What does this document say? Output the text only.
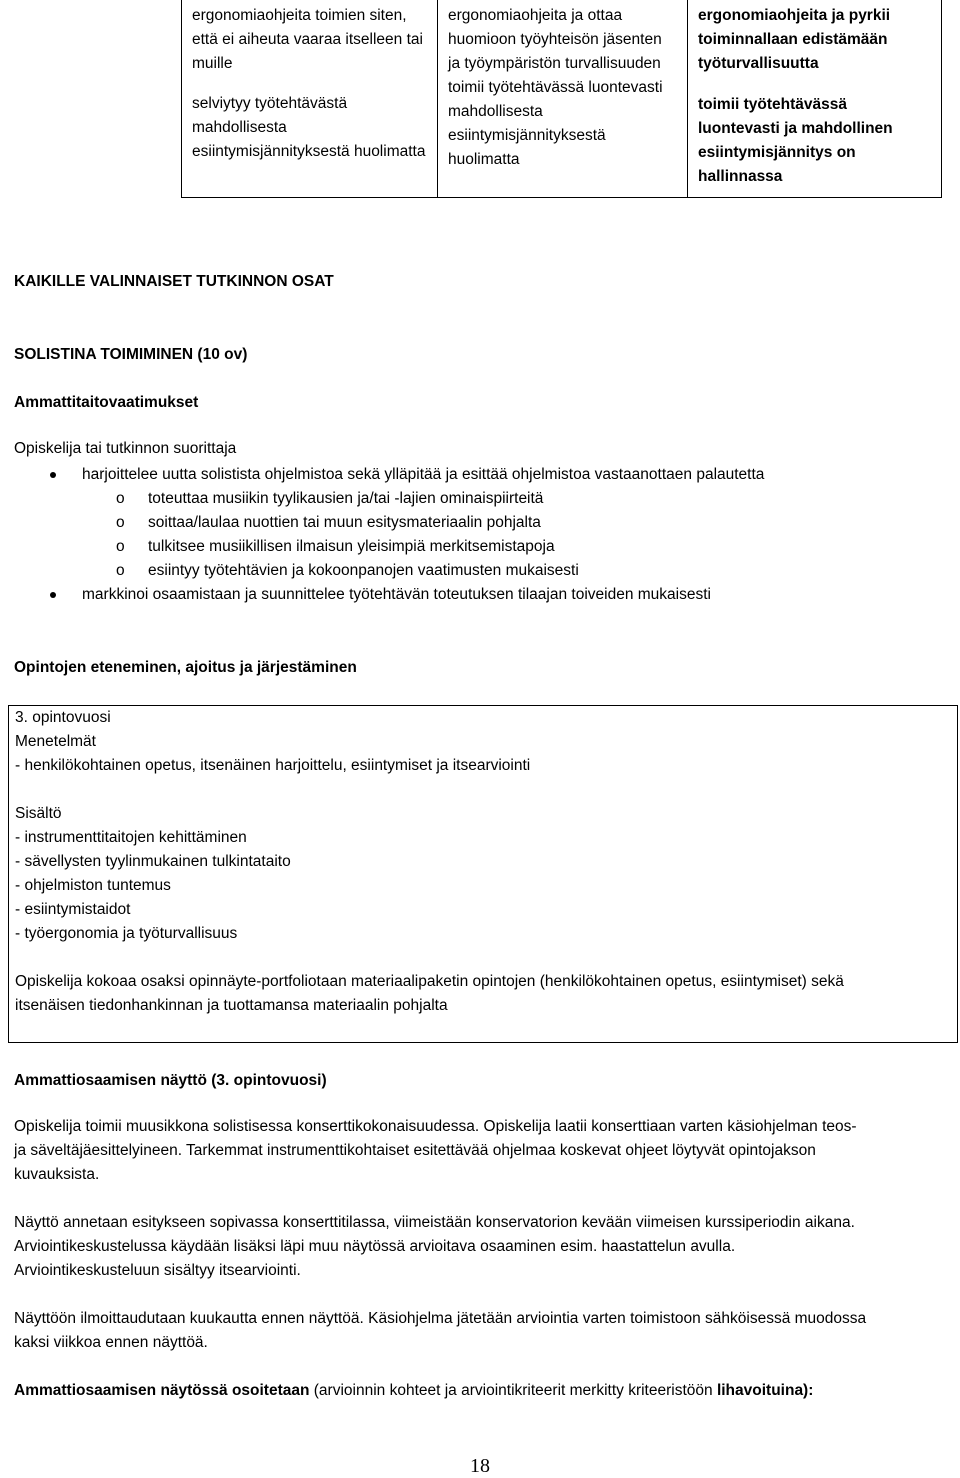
ergonomiaohjeita toimien siten, että ei aiheuta vaaraa itselleen tai muille

selviytyy työtehtävästä mahdollisesta esiintymisjännityksestä huolimatta

ergonomiaohjeita ja ottaa huomioon työyhteisön jäsenten ja työympäristön turvallisuuden

toimii työtehtävässä luontevasti mahdollisesta esiintymisjännityksestä huolimatta

ergonomiaohjeita ja pyrkii toiminnallaan edistämään työturvallisuutta

toimii työtehtävässä luontevasti ja mahdollinen esiintymisjännitys on hallinnassa

KAIKILLE VALINNAISET TUTKINNON OSAT
SOLISTINA TOIMIMINEN (10 ov)
Ammattitaitovaatimukset
Opiskelija tai tutkinnon suorittaja
harjoittelee uutta solistista ohjelmistoa sekä ylläpitää ja esittää ohjelmistoa vastaanottaen palautetta
o toteuttaa musiikin tyylikausien ja/tai -lajien ominaispiirteitä
o soittaa/laulaa nuottien tai muun esitysmateriaalin pohjalta
o tulkitsee musiikillisen ilmaisun yleisimpiä merkitsemistapoja
o esiintyy työtehtävien ja kokoonpanojen vaatimusten mukaisesti
markkinoi osaamistaan ja suunnittelee työtehtävän toteutuksen tilaajan toiveiden mukaisesti
Opintojen eteneminen, ajoitus ja järjestäminen
3. opintovuosi
Menetelmät
- henkilökohtainen opetus, itsenäinen harjoittelu, esiintymiset ja itsearviointi
Sisältö
- instrumenttitaitojen kehittäminen
- sävellysten tyylinmukainen tulkintataito
- ohjelmiston tuntemus
- esiintymistaidot
- työergonomia ja työturvallisuus
Opiskelija kokoaa osaksi opinnäyte-portfoliotaan materiaalipaketin opintojen (henkilökohtainen opetus, esiintymiset) sekä
itsenäisen tiedonhankinnan ja tuottamansa materiaalin pohjalta
Ammattiosaamisen näyttö (3. opintovuosi)
Opiskelija toimii muusikkona solistisessa konserttikokonaisuudessa. Opiskelija laatii konserttiaan varten käsiohjelman teos-
ja säveltäjäesittelyineen. Tarkemmat instrumenttikohtaiset esitettävää ohjelmaa koskevat ohjeet löytyvät opintojakson
kuvauksista.
Näyttö annetaan esitykseen sopivassa konserttitilassa, viimeistään konservatorion kevään viimeisen kurssiperiodin aikana.
Arviointikeskustelussa käydään lisäksi läpi muu näytössä arvioitava osaaminen esim. haastattelun avulla.
Arviointikeskusteluun sisältyy itsearviointi.
Näyttöön ilmoittaudutaan kuukautta ennen näyttöä. Käsiohjelma jätetään arviointia varten toimistoon sähköisessä muodossa
kaksi viikkoa ennen näyttöä.
Ammattiosaamisen näytössä osoitetaan (arvioinnin kohteet ja arviointikriteerit merkitty kriteeristöön lihavoituina):
18
